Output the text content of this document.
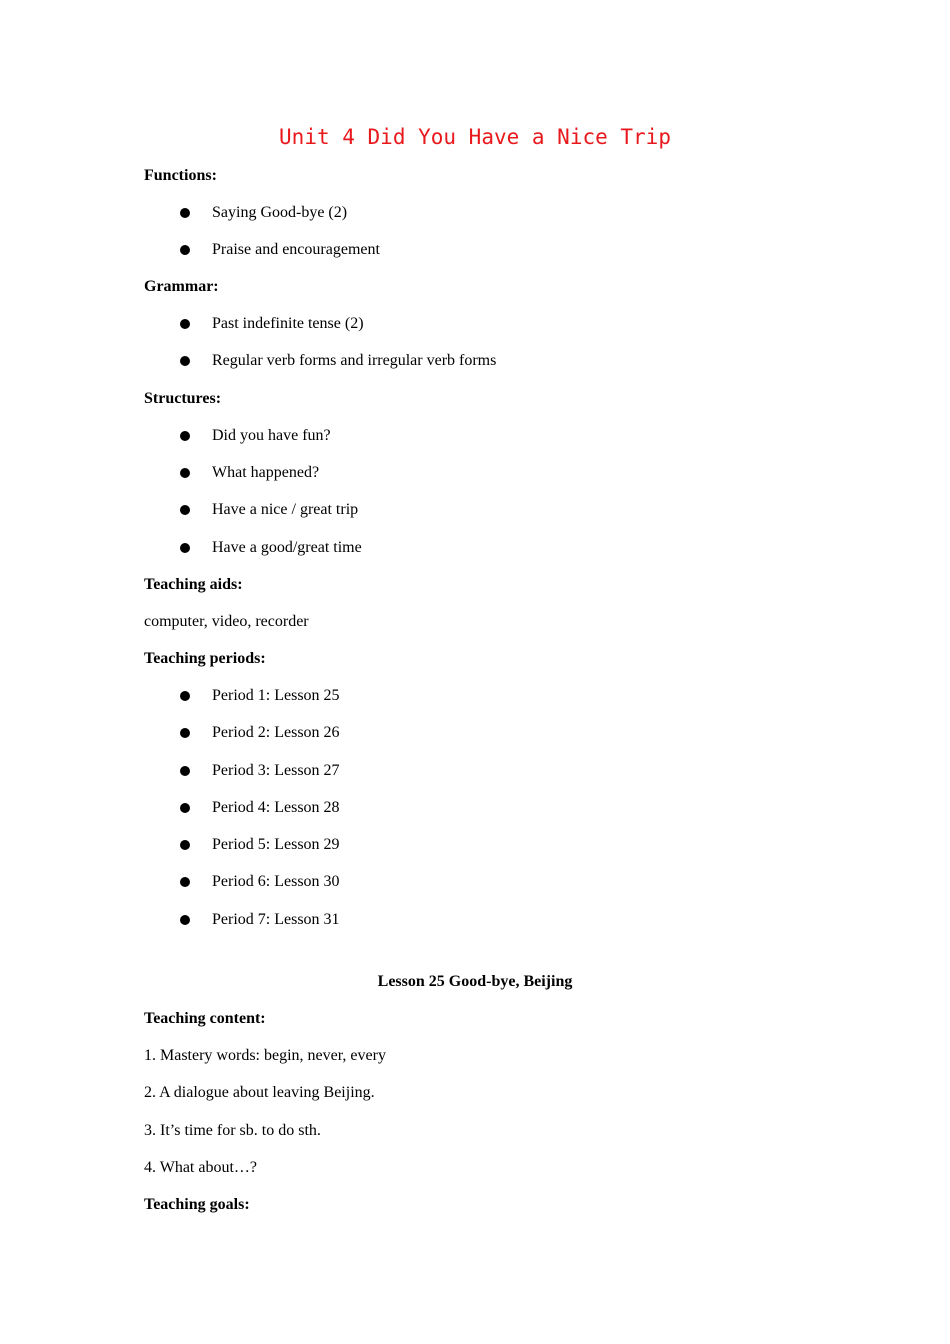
Unit 4 Did You Have a Nice Trip
Functions:
Saying Good-bye (2)
Praise and encouragement
Grammar:
Past indefinite tense (2)
Regular verb forms and irregular verb forms
Structures:
Did you have fun?
What happened?
Have a nice / great trip
Have a good/great time
Teaching aids:
computer, video, recorder
Teaching periods:
Period 1: Lesson 25
Period 2: Lesson 26
Period 3: Lesson 27
Period 4: Lesson 28
Period 5: Lesson 29
Period 6: Lesson 30
Period 7: Lesson 31
Lesson 25 Good-bye, Beijing
Teaching content:
1. Mastery words: begin, never, every
2. A dialogue about leaving Beijing.
3. It’s time for sb. to do sth.
4. What about…?
Teaching goals:
